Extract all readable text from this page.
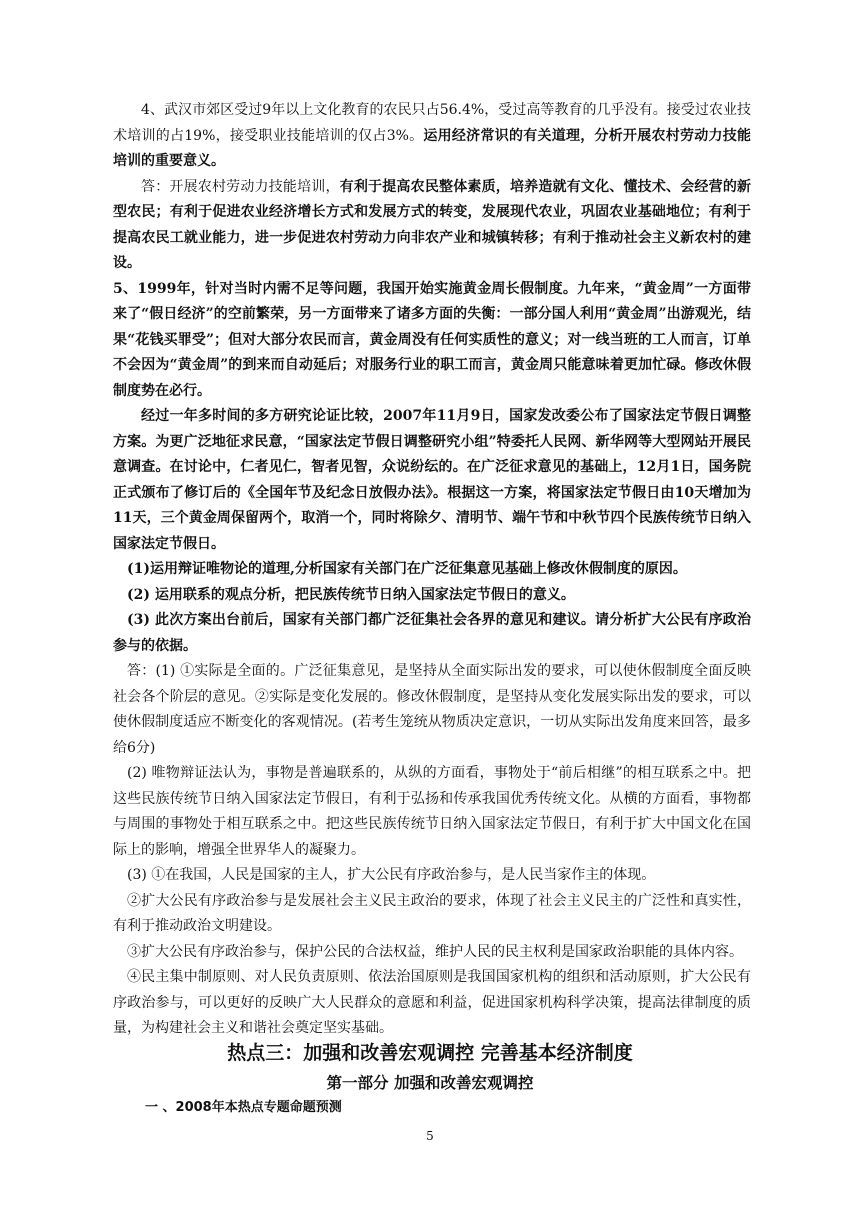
4、武汉市郊区受过9年以上文化教育的农民只占56.4%，受过高等教育的几乎没有。接受过农业技术培训的占19%，接受职业技能培训的仅占3%。运用经济常识的有关道理，分析开展农村劳动力技能培训的重要意义。

答：开展农村劳动力技能培训，有利于提高农民整体素质，培养造就有文化、懂技术、会经营的新型农民；有利于促进农业经济增长方式和发展方式的转变，发展现代农业，巩固农业基础地位；有利于提高农民工就业能力，进一步促进农村劳动力向非农产业和城镇转移；有利于推动社会主义新农村的建设。

5、1999年，针对当时内需不足等问题，我国开始实施黄金周长假制度。九年来，“黄金周”一方面带来了“假日经济”的空前繁荣，另一方面带来了诸多方面的失衡：一部分国人利用“黄金周”出游观光，结果“花钱买罪受”；但对大部分农民而言，黄金周没有任何实质性的意义；对一线当班的工人而言，订单不会因为“黄金周”的到来而自动延后；对服务行业的职工而言，黄金周只能意味着更加忙碌。修改休假制度势在必行。

经过一年多时间的多方研究论证比较，2007年11月9日，国家发改委公布了国家法定节假日调整方案。为更广泛地征求民意，“国家法定节假日调整研究小组”特委托人民网、新华网等大型网站开展民意调查。在讨论中，仁者见仁，智者见智，众说纷纭的。在广泛征求意见的基础上，12月1日，国务院正式颁布了修订后的《全国年节及纪念日放假办法》。根据这一方案，将国家法定节假日由10天增加为11天，三个黄金周保留两个，取消一个，同时将除夕、清明节、端午节和中秋节四个民族传统节日纳入国家法定节假日。

(1)运用辩证唯物论的道理,分析国家有关部门在广泛征集意见基础上修改休假制度的原因。

(2) 运用联系的观点分析，把民族传统节日纳入国家法定节假日的意义。

(3) 此次方案出台前后，国家有关部门都广泛征集社会各界的意见和建议。请分析扩大公民有序政治参与的依据。

答：(1) ①实际是全面的。广泛征集意见，是坚持从全面实际出发的要求，可以使休假制度全面反映社会各个阶层的意见。②实际是变化发展的。修改休假制度，是坚持从变化发展实际出发的要求，可以使休假制度适应不断变化的客观情况。(若考生笼统从物质决定意识，一切从实际出发角度来回答，最多给6分)

(2) 唯物辩证法认为，事物是普遍联系的，从纵的方面看，事物处于“前后相继”的相互联系之中。把这些民族传统节日纳入国家法定节假日，有利于弘扬和传承我国优秀传统文化。从横的方面看，事物都与周围的事物处于相互联系之中。把这些民族传统节日纳入国家法定节假日，有利于扩大中国文化在国际上的影响，增强全世界华人的凝聚力。

(3) ①在我国，人民是国家的主人，扩大公民有序政治参与，是人民当家作主的体现。

②扩大公民有序政治参与是发展社会主义民主政治的要求，体现了社会主义民主的广泛性和真实性，有利于推动政治文明建设。

③扩大公民有序政治参与，保护公民的合法权益，维护人民的民主权利是国家政治职能的具体内容。

④民主集中制原则、对人民负责原则、依法治国原则是我国国家机构的组织和活动原则，扩大公民有序政治参与，可以更好的反映广大人民群众的意愿和利益，促进国家机构科学决策，提高法律制度的质量，为构建社会主义和谐社会奠定坚实基础。

热点三：加强和改善宏观调控 完善基本经济制度
第一部分 加强和改善宏观调控
一 、2008年本热点专题命题预测
5
